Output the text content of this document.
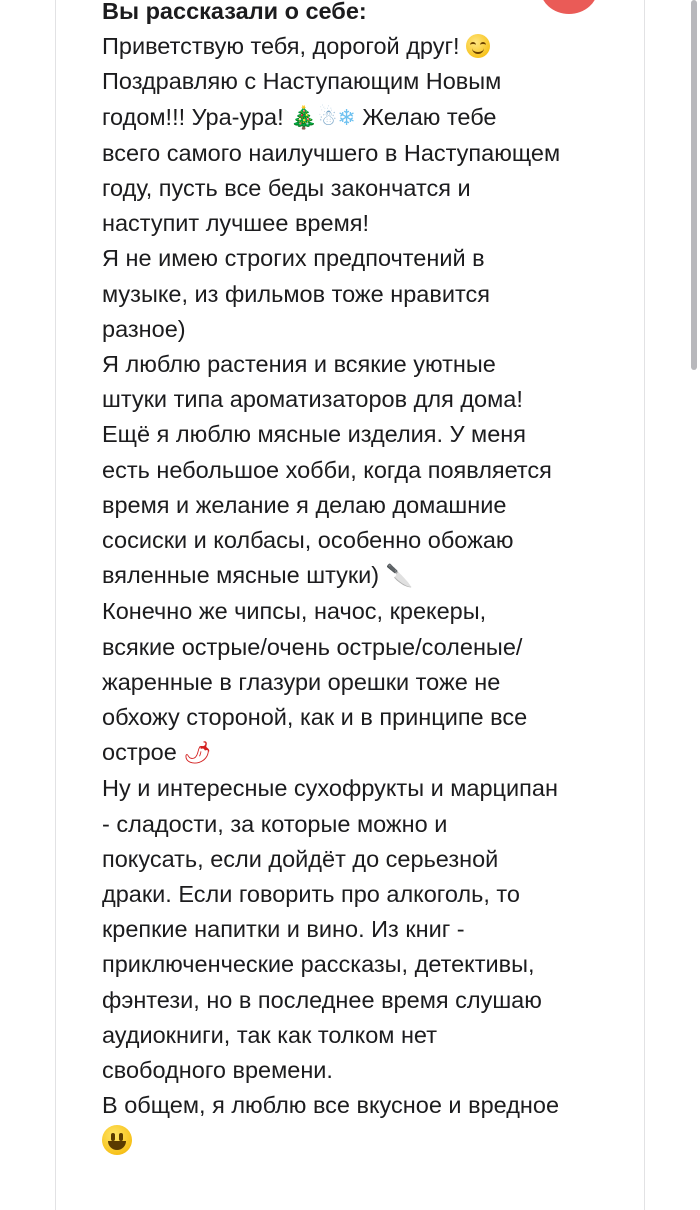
Вы рассказали о себе:

Приветствую тебя, дорогой друг!

Поздравляю с Наступающим Новым

годом!!! Ура-ура! 🎄☃❄ Желаю тебе

всего самого наилучшего в Наступающем

году, пусть все беды закончатся и

наступит лучшее время!

Я не имею строгих предпочтений в

музыке, из фильмов тоже нравится

разное)

Я люблю растения и всякие уютные

штуки типа ароматизаторов для дома!

Ещё я люблю мясные изделия. У меня

есть небольшое хобби, когда появляется

время и желание я делаю домашние

сосиски и колбасы, особенно обожаю

вяленные мясные штуки) 🔪

Конечно же чипсы, начос, крекеры,

всякие острые/очень острые/соленые/

жаренные в глазури орешки тоже не

обхожу стороной, как и в принципе все

острое 🌶

Ну и интересные сухофрукты и марципан

- сладости, за которые можно и

покусать, если дойдёт до серьезной

драки. Если говорить про алкоголь, то

крепкие напитки и вино. Из книг -

приключенческие рассказы, детективы,

фэнтези, но в последнее время слушаю

аудиокниги, так как толком нет

свободного времени.

В общем, я люблю все вкусное и вредное
